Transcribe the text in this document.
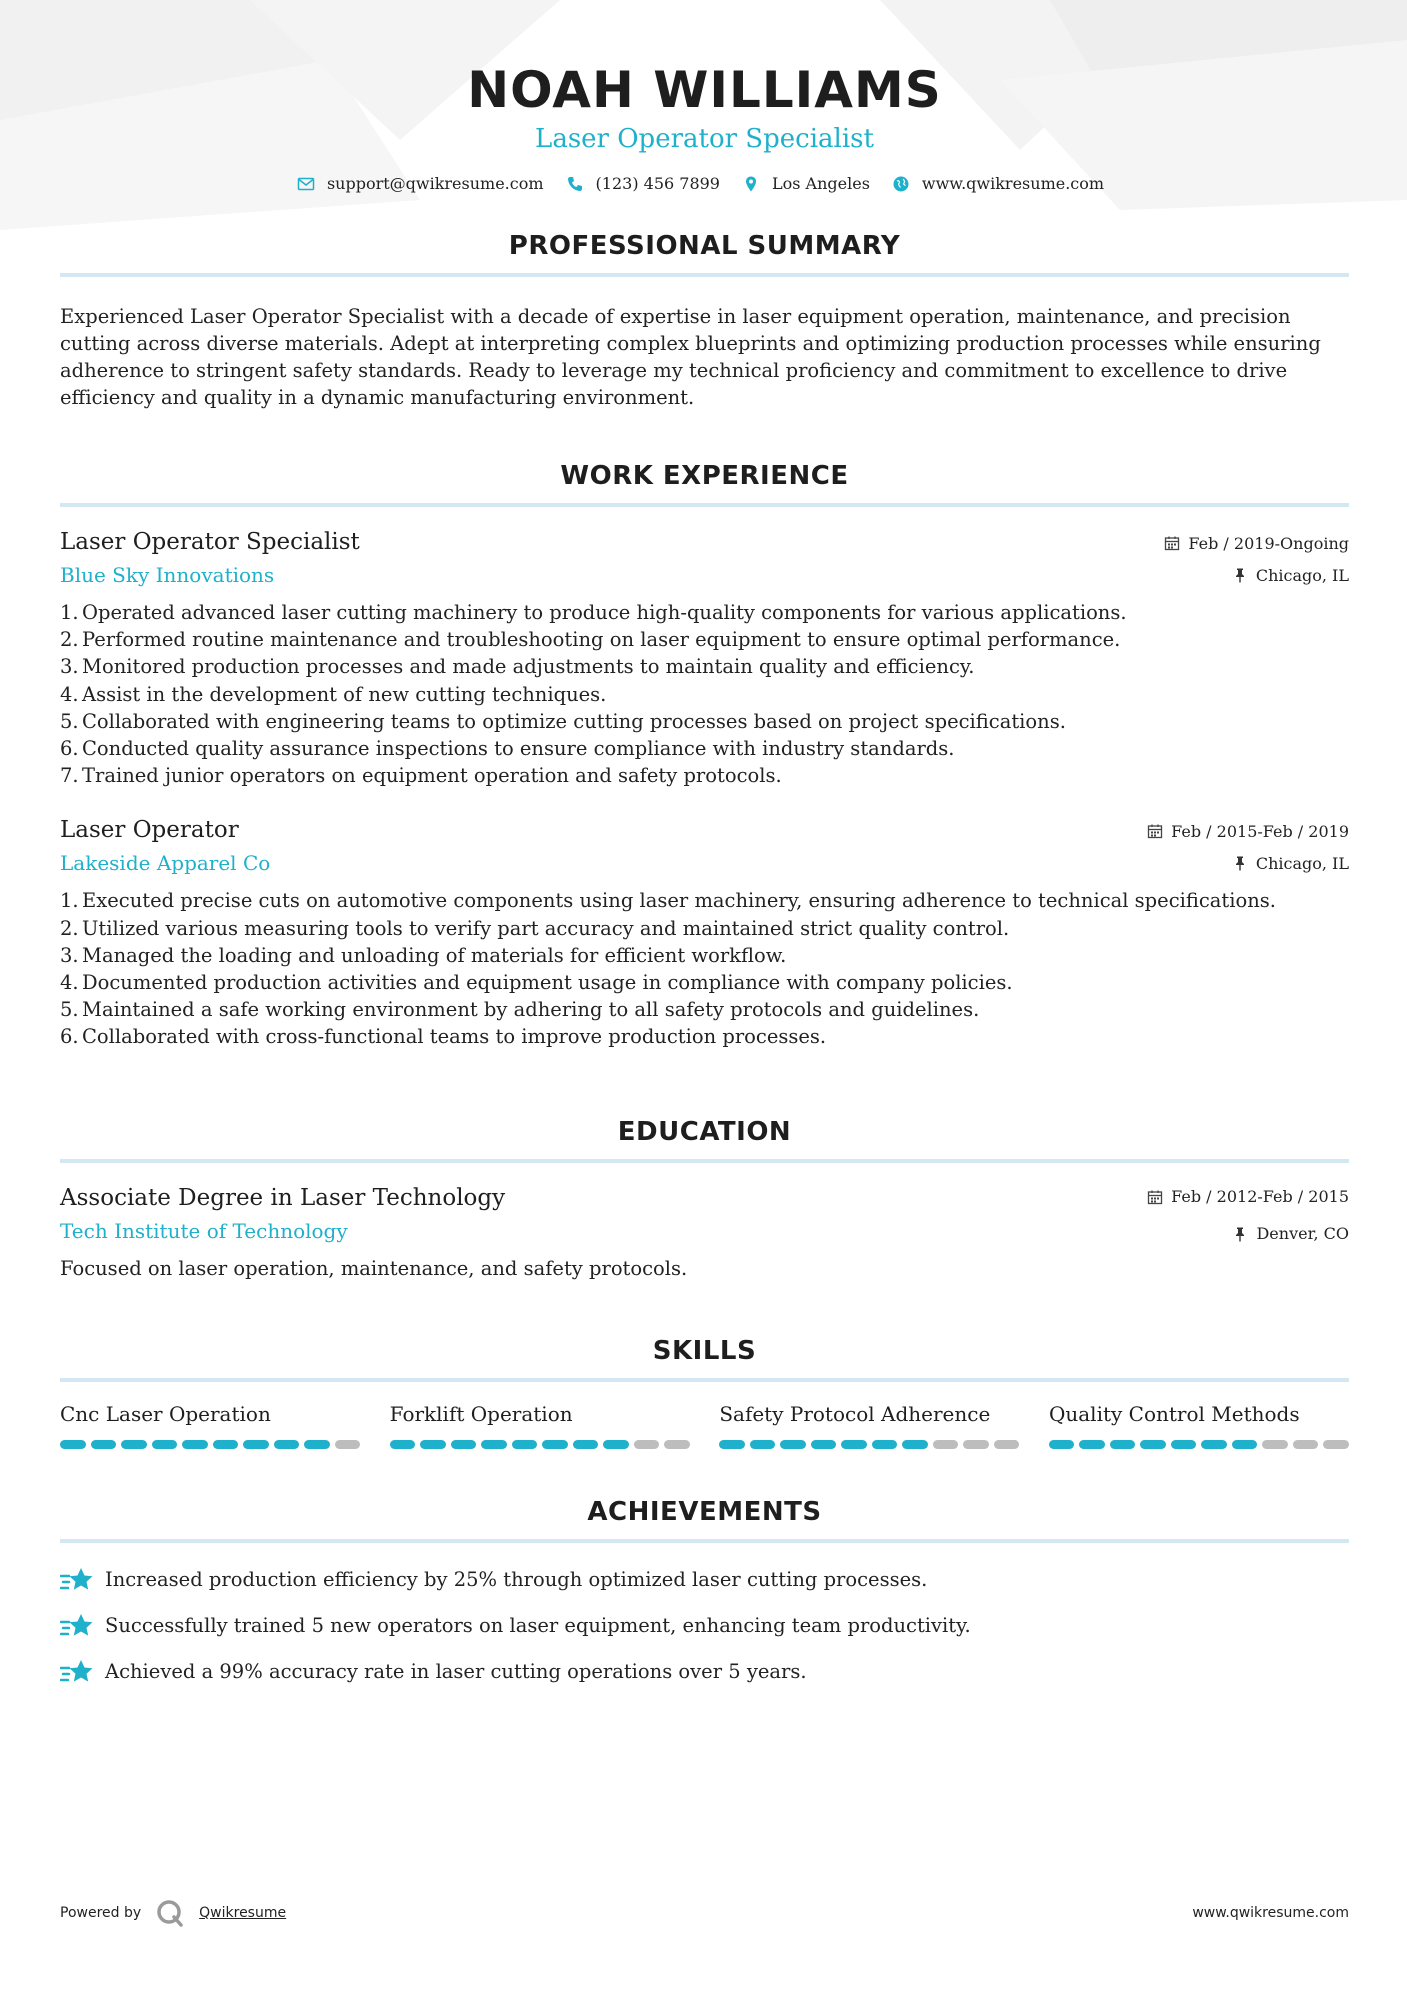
NOAH WILLIAMS
Laser Operator Specialist
support@qwikresume.com	(123) 456 7899	Los Angeles	www.qwikresume.com
PROFESSIONAL SUMMARY
Experienced Laser Operator Specialist with a decade of expertise in laser equipment operation, maintenance, and precision cutting across diverse materials. Adept at interpreting complex blueprints and optimizing production processes while ensuring adherence to stringent safety standards. Ready to leverage my technical proficiency and commitment to excellence to drive efficiency and quality in a dynamic manufacturing environment.
WORK EXPERIENCE
Laser Operator Specialist
Blue Sky Innovations
Feb / 2019-Ongoing
Chicago, IL
1. Operated advanced laser cutting machinery to produce high-quality components for various applications.
2. Performed routine maintenance and troubleshooting on laser equipment to ensure optimal performance.
3. Monitored production processes and made adjustments to maintain quality and efficiency.
4. Assist in the development of new cutting techniques.
5. Collaborated with engineering teams to optimize cutting processes based on project specifications.
6. Conducted quality assurance inspections to ensure compliance with industry standards.
7. Trained junior operators on equipment operation and safety protocols.
Laser Operator
Lakeside Apparel Co
Feb / 2015-Feb / 2019
Chicago, IL
1. Executed precise cuts on automotive components using laser machinery, ensuring adherence to technical specifications.
2. Utilized various measuring tools to verify part accuracy and maintained strict quality control.
3. Managed the loading and unloading of materials for efficient workflow.
4. Documented production activities and equipment usage in compliance with company policies.
5. Maintained a safe working environment by adhering to all safety protocols and guidelines.
6. Collaborated with cross-functional teams to improve production processes.
EDUCATION
Associate Degree in Laser Technology
Tech Institute of Technology
Feb / 2012-Feb / 2015
Denver, CO
Focused on laser operation, maintenance, and safety protocols.
SKILLS
Cnc Laser Operation	Forklift Operation	Safety Protocol Adherence	Quality Control Methods
ACHIEVEMENTS
Increased production efficiency by 25% through optimized laser cutting processes.
Successfully trained 5 new operators on laser equipment, enhancing team productivity.
Achieved a 99% accuracy rate in laser cutting operations over 5 years.
Powered by	Qwikresume	www.qwikresume.com
